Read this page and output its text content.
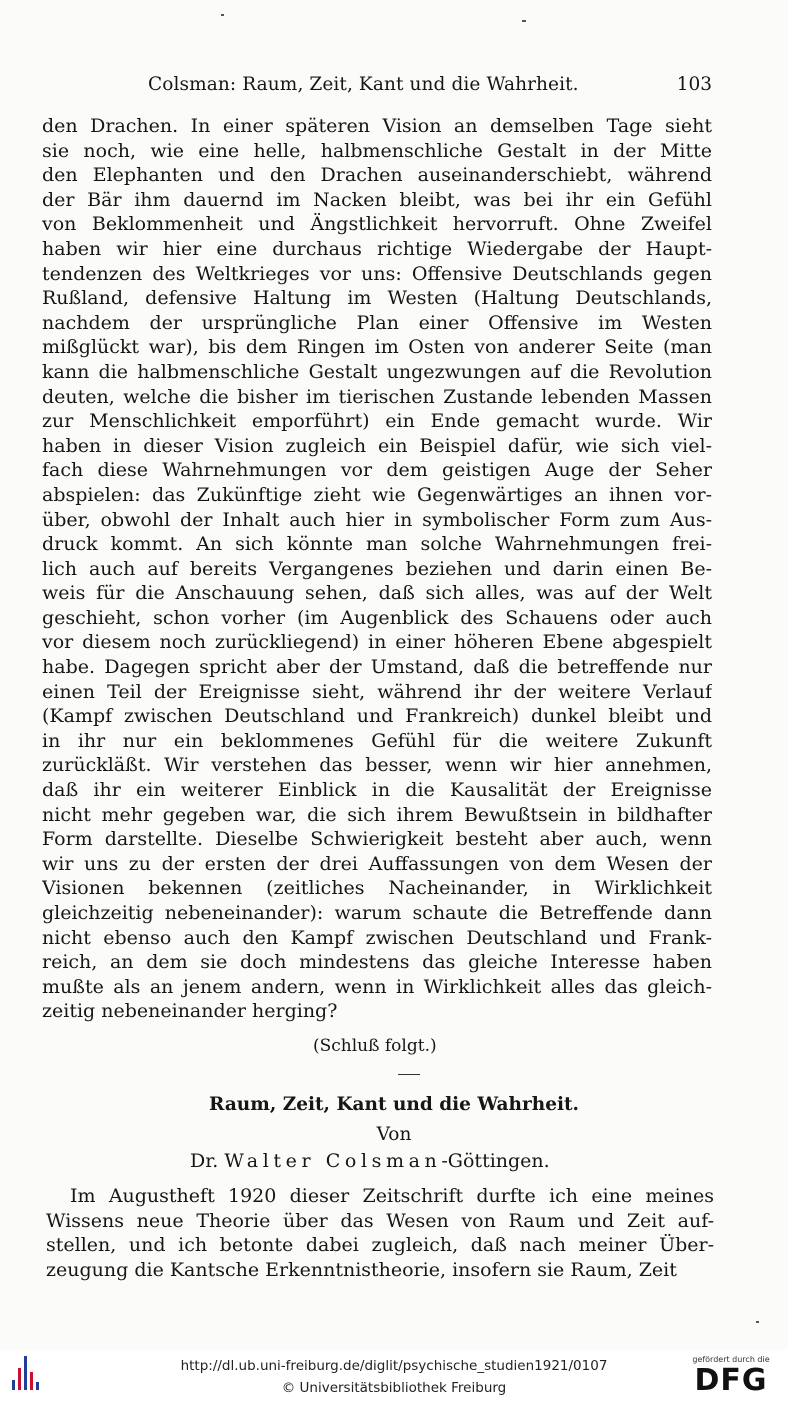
Colsman: Raum, Zeit, Kant und die Wahrheit.	103
den Drachen. In einer späteren Vision an demselben Tage sieht
sie noch, wie eine helle, halbmenschliche Gestalt in der Mitte
den Elephanten und den Drachen auseinanderschiebt, während
der Bär ihm dauernd im Nacken bleibt, was bei ihr ein Gefühl
von Beklommenheit und Ängstlichkeit hervorruft. Ohne Zweifel
haben wir hier eine durchaus richtige Wiedergabe der Haupt-
tendenzen des Weltkrieges vor uns: Offensive Deutschlands gegen
Rußland, defensive Haltung im Westen (Haltung Deutschlands,
nachdem der ursprüngliche Plan einer Offensive im Westen
mißglückt war), bis dem Ringen im Osten von anderer Seite (man
kann die halbmenschliche Gestalt ungezwungen auf die Revolution
deuten, welche die bisher im tierischen Zustande lebenden Massen
zur Menschlichkeit emporführt) ein Ende gemacht wurde. Wir
haben in dieser Vision zugleich ein Beispiel dafür, wie sich viel-
fach diese Wahrnehmungen vor dem geistigen Auge der Seher
abspielen: das Zukünftige zieht wie Gegenwärtiges an ihnen vor-
über, obwohl der Inhalt auch hier in symbolischer Form zum Aus-
druck kommt. An sich könnte man solche Wahrnehmungen frei-
lich auch auf bereits Vergangenes beziehen und darin einen Be-
weis für die Anschauung sehen, daß sich alles, was auf der Welt
geschieht, schon vorher (im Augenblick des Schauens oder auch
vor diesem noch zurückliegend) in einer höheren Ebene abgespielt
habe. Dagegen spricht aber der Umstand, daß die betreffende nur
einen Teil der Ereignisse sieht, während ihr der weitere Verlauf
(Kampf zwischen Deutschland und Frankreich) dunkel bleibt und
in ihr nur ein beklommenes Gefühl für die weitere Zukunft
zurückläßt. Wir verstehen das besser, wenn wir hier annehmen,
daß ihr ein weiterer Einblick in die Kausalität der Ereignisse
nicht mehr gegeben war, die sich ihrem Bewußtsein in bildhafter
Form darstellte. Dieselbe Schwierigkeit besteht aber auch, wenn
wir uns zu der ersten der drei Auffassungen von dem Wesen der
Visionen bekennen (zeitliches Nacheinander, in Wirklichkeit
gleichzeitig nebeneinander): warum schaute die Betreffende dann
nicht ebenso auch den Kampf zwischen Deutschland und Frank-
reich, an dem sie doch mindestens das gleiche Interesse haben
mußte als an jenem andern, wenn in Wirklichkeit alles das gleich-
zeitig nebeneinander herging?
(Schluß folgt.)
Raum, Zeit, Kant und die Wahrheit.
Von
Dr. Walter Colsman-Göttingen.
Im Augustheft 1920 dieser Zeitschrift durfte ich eine meines
Wissens neue Theorie über das Wesen von Raum und Zeit auf-
stellen, und ich betonte dabei zugleich, daß nach meiner Über-
zeugung die Kantsche Erkenntnistheorie, insofern sie Raum, Zeit
http://dl.ub.uni-freiburg.de/diglit/psychische_studien1921/0107
© Universitätsbibliothek Freiburg
gefördert durch die
DFG
